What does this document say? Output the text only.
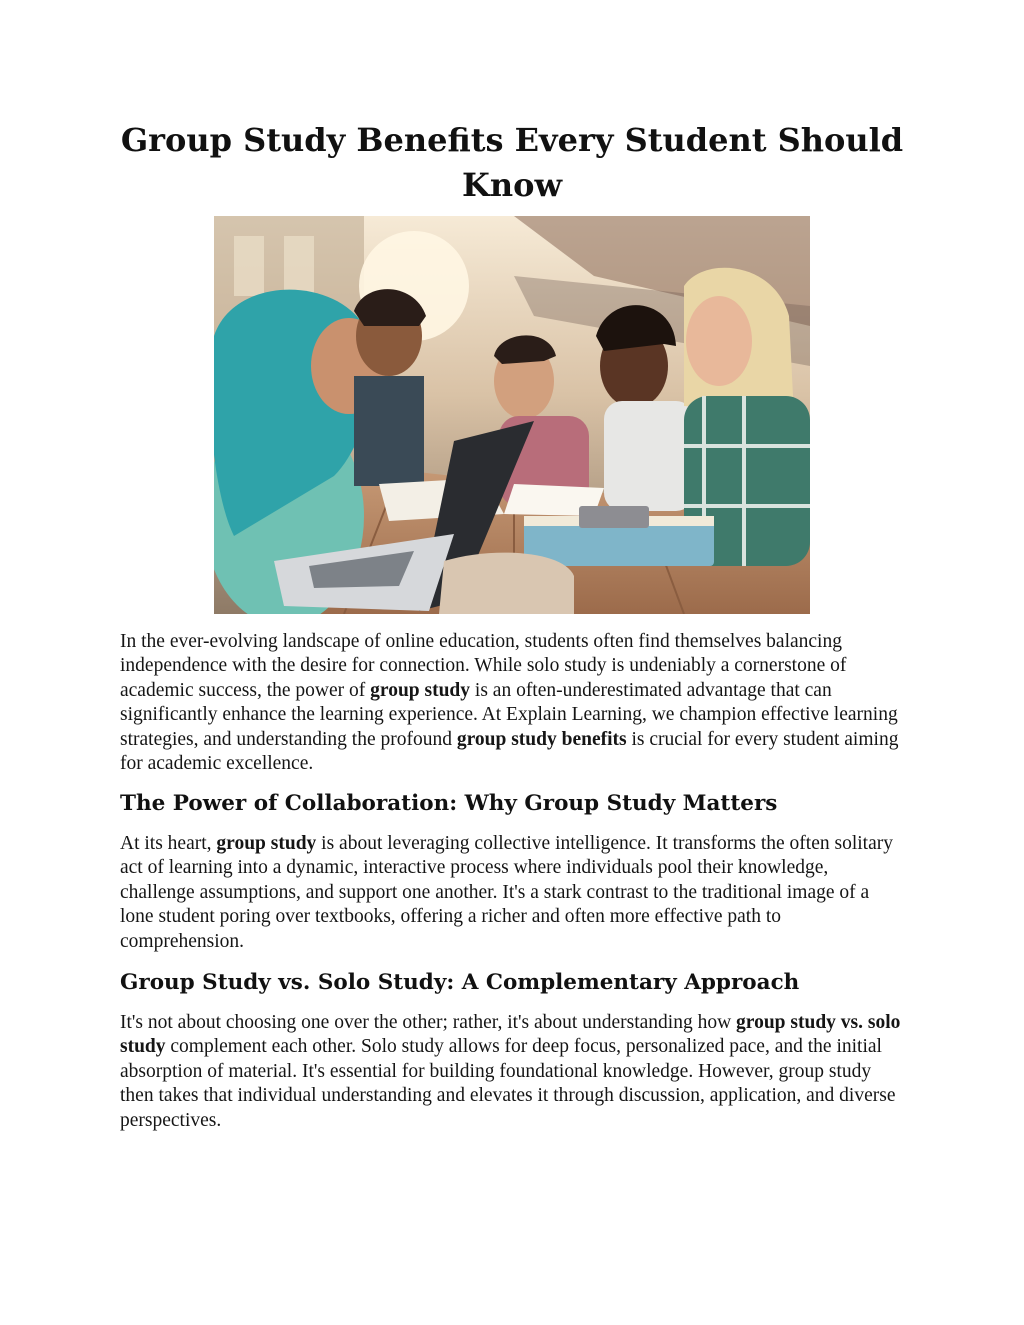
Group Study Benefits Every Student Should Know

In the ever-evolving landscape of online education, students often find themselves balancing independence with the desire for connection. While solo study is undeniably a cornerstone of academic success, the power of group study is an often-underestimated advantage that can significantly enhance the learning experience. At Explain Learning, we champion effective learning strategies, and understanding the profound group study benefits is crucial for every student aiming for academic excellence.

The Power of Collaboration: Why Group Study Matters

At its heart, group study is about leveraging collective intelligence. It transforms the often solitary act of learning into a dynamic, interactive process where individuals pool their knowledge, challenge assumptions, and support one another. It's a stark contrast to the traditional image of a lone student poring over textbooks, offering a richer and often more effective path to comprehension.

Group Study vs. Solo Study: A Complementary Approach

It's not about choosing one over the other; rather, it's about understanding how group study vs. solo study complement each other. Solo study allows for deep focus, personalized pace, and the initial absorption of material. It's essential for building foundational knowledge. However, group study then takes that individual understanding and elevates it through discussion, application, and diverse perspectives.
